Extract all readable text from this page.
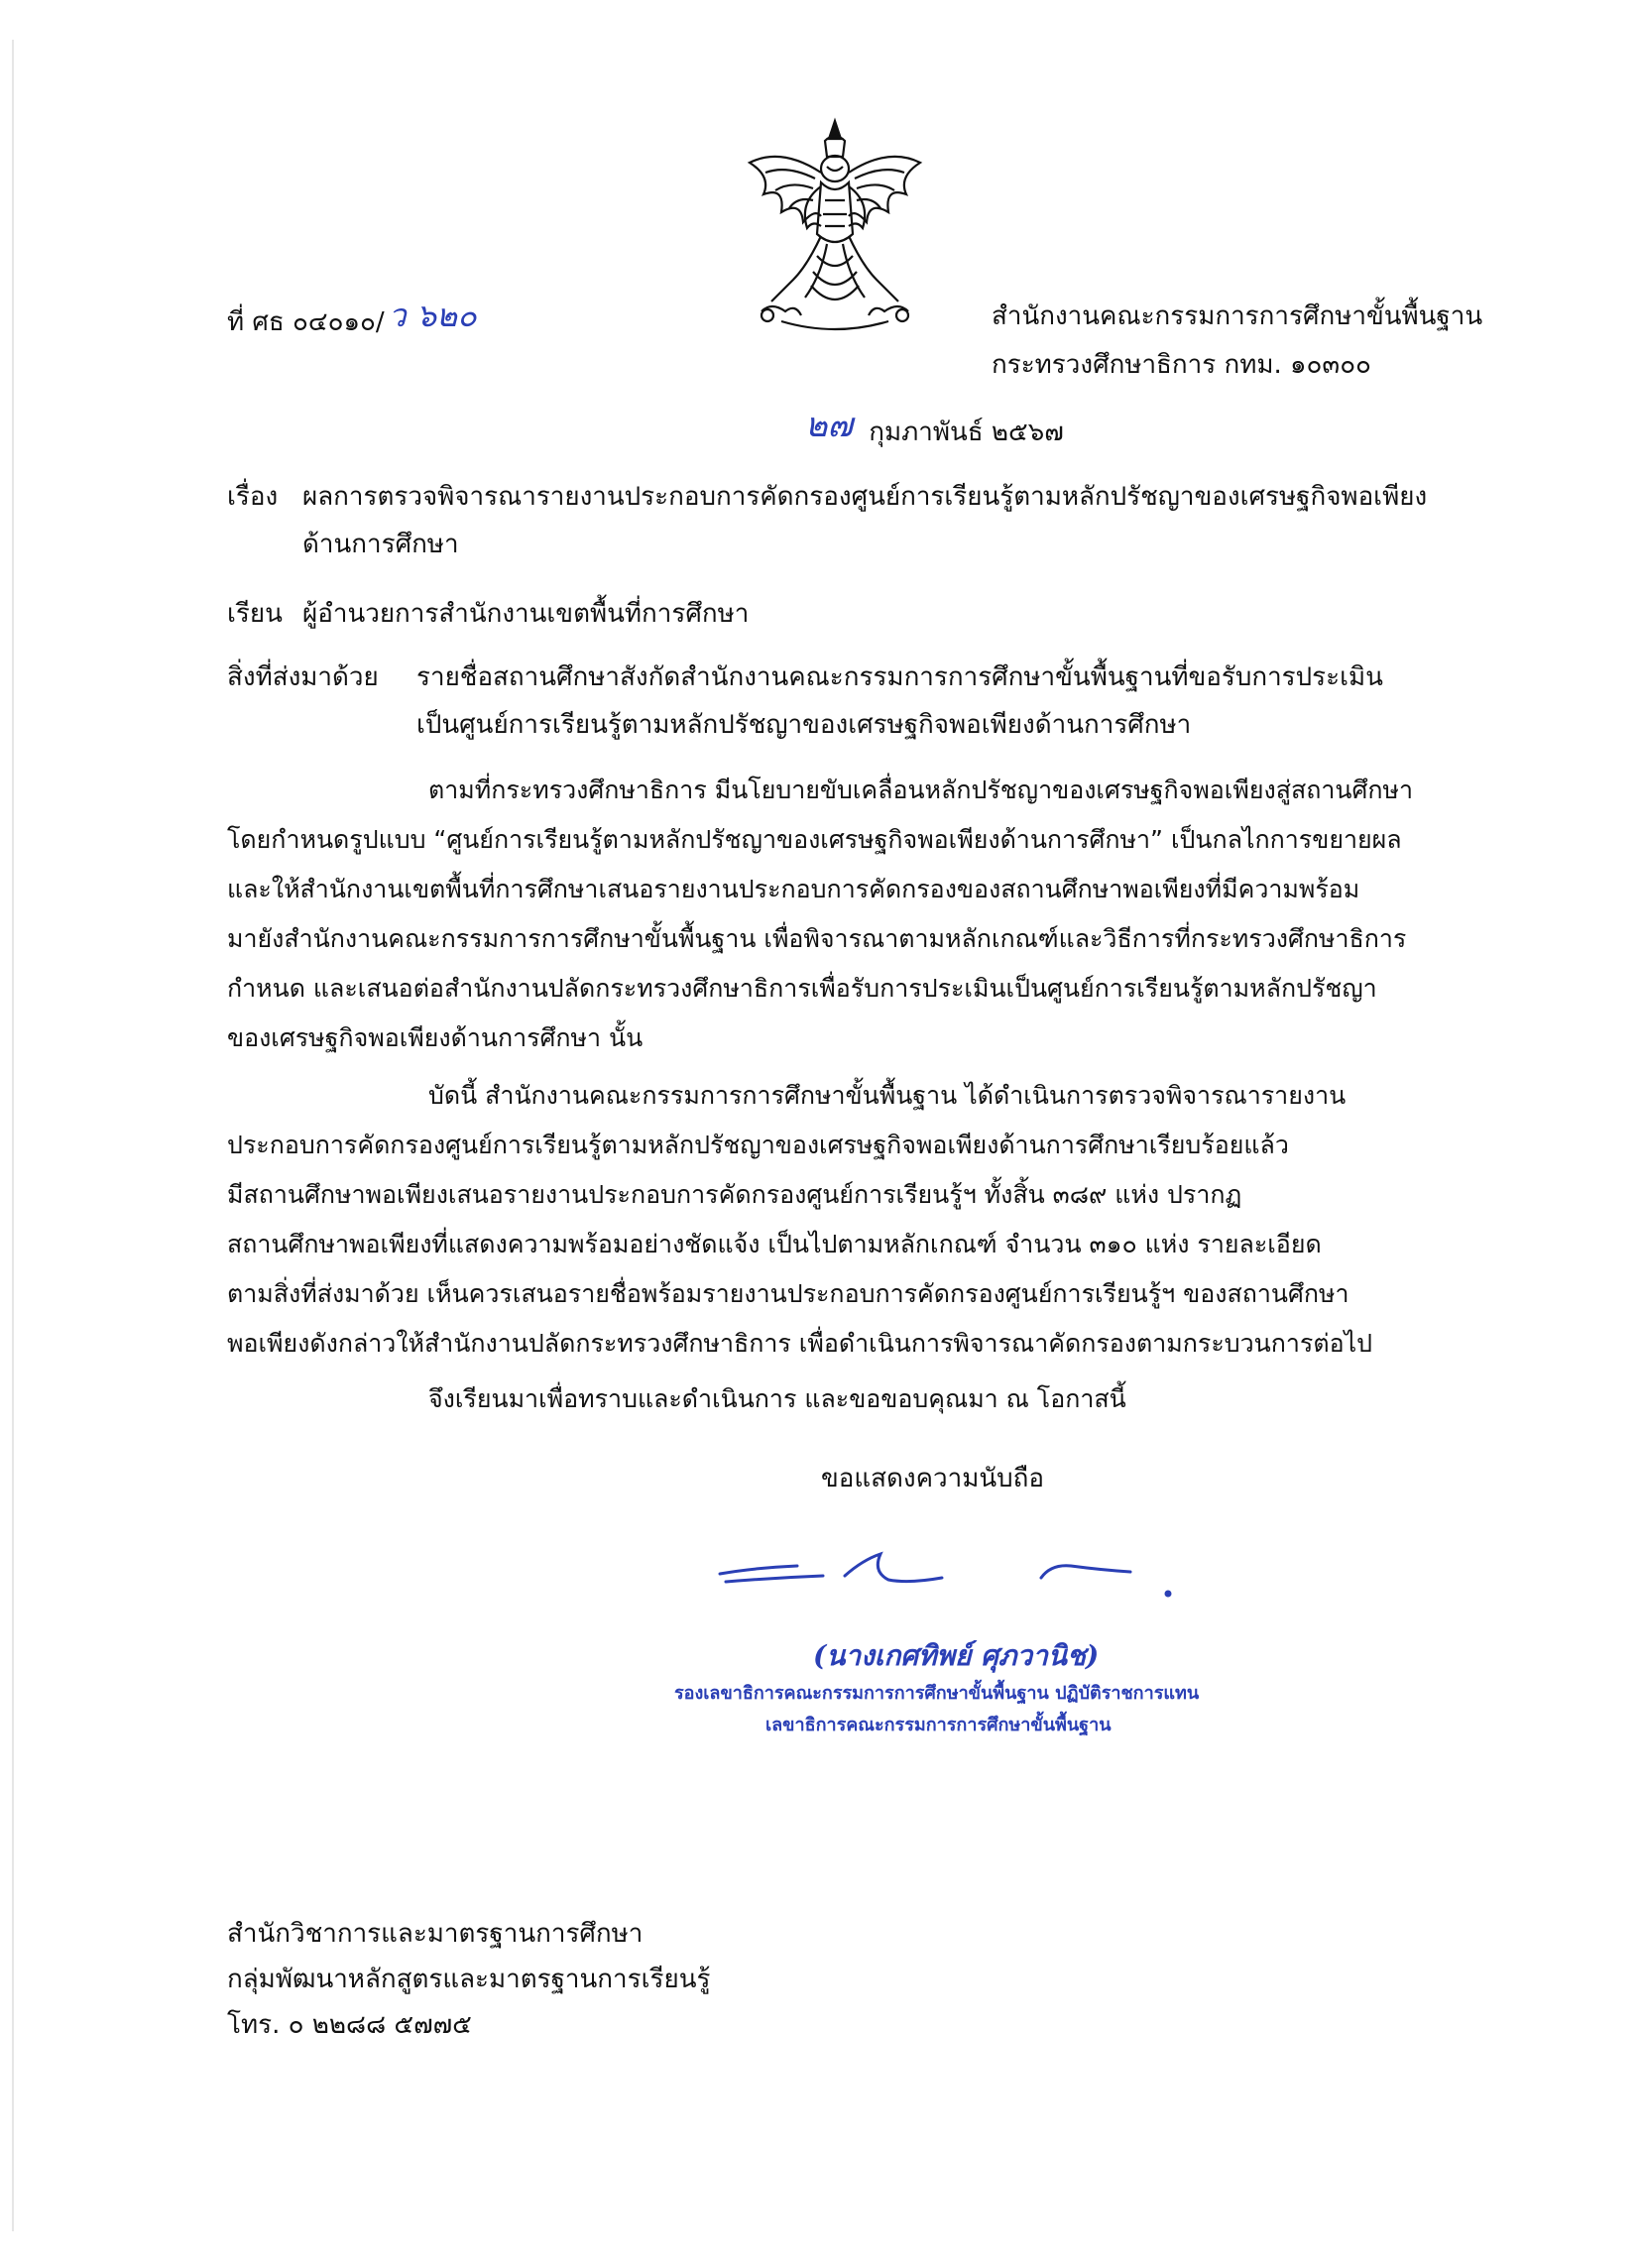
ที่ ศธ ๐๔๐๑๐/ ว ๖๒๐	สำนักงานคณะกรรมการการศึกษาขั้นพื้นฐาน
กระทรวงศึกษาธิการ กทม. ๑๐๓๐๐
๒๗ กุมภาพันธ์ ๒๕๖๗
เรื่อง ผลการตรวจพิจารณารายงานประกอบการคัดกรองศูนย์การเรียนรู้ตามหลักปรัชญาของเศรษฐกิจพอเพียง
ด้านการศึกษา
เรียน ผู้อำนวยการสำนักงานเขตพื้นที่การศึกษา
สิ่งที่ส่งมาด้วย รายชื่อสถานศึกษาสังกัดสำนักงานคณะกรรมการการศึกษาขั้นพื้นฐานที่ขอรับการประเมิน
เป็นศูนย์การเรียนรู้ตามหลักปรัชญาของเศรษฐกิจพอเพียงด้านการศึกษา
ตามที่กระทรวงศึกษาธิการ มีนโยบายขับเคลื่อนหลักปรัชญาของเศรษฐกิจพอเพียงสู่สถานศึกษา
โดยกำหนดรูปแบบ “ศูนย์การเรียนรู้ตามหลักปรัชญาของเศรษฐกิจพอเพียงด้านการศึกษา” เป็นกลไกการขยายผล
และให้สำนักงานเขตพื้นที่การศึกษาเสนอรายงานประกอบการคัดกรองของสถานศึกษาพอเพียงที่มีความพร้อม
มายังสำนักงานคณะกรรมการการศึกษาขั้นพื้นฐาน เพื่อพิจารณาตามหลักเกณฑ์และวิธีการที่กระทรวงศึกษาธิการ
กำหนด และเสนอต่อสำนักงานปลัดกระทรวงศึกษาธิการเพื่อรับการประเมินเป็นศูนย์การเรียนรู้ตามหลักปรัชญา
ของเศรษฐกิจพอเพียงด้านการศึกษา นั้น
บัดนี้ สำนักงานคณะกรรมการการศึกษาขั้นพื้นฐาน ได้ดำเนินการตรวจพิจารณารายงาน
ประกอบการคัดกรองศูนย์การเรียนรู้ตามหลักปรัชญาของเศรษฐกิจพอเพียงด้านการศึกษาเรียบร้อยแล้ว
มีสถานศึกษาพอเพียงเสนอรายงานประกอบการคัดกรองศูนย์การเรียนรู้ฯ ทั้งสิ้น ๓๘๙ แห่ง ปรากฏ
สถานศึกษาพอเพียงที่แสดงความพร้อมอย่างชัดแจ้ง เป็นไปตามหลักเกณฑ์ จำนวน ๓๑๐ แห่ง รายละเอียด
ตามสิ่งที่ส่งมาด้วย เห็นควรเสนอรายชื่อพร้อมรายงานประกอบการคัดกรองศูนย์การเรียนรู้ฯ ของสถานศึกษา
พอเพียงดังกล่าวให้สำนักงานปลัดกระทรวงศึกษาธิการ เพื่อดำเนินการพิจารณาคัดกรองตามกระบวนการต่อไป
จึงเรียนมาเพื่อทราบและดำเนินการ และขอขอบคุณมา ณ โอกาสนี้
ขอแสดงความนับถือ
(นางเกศทิพย์ ศุภวานิช)
รองเลขาธิการคณะกรรมการการศึกษาขั้นพื้นฐาน ปฏิบัติราชการแทน
เลขาธิการคณะกรรมการการศึกษาขั้นพื้นฐาน
สำนักวิชาการและมาตรฐานการศึกษา
กลุ่มพัฒนาหลักสูตรและมาตรฐานการเรียนรู้
โทร. ๐ ๒๒๘๘ ๕๗๗๕
